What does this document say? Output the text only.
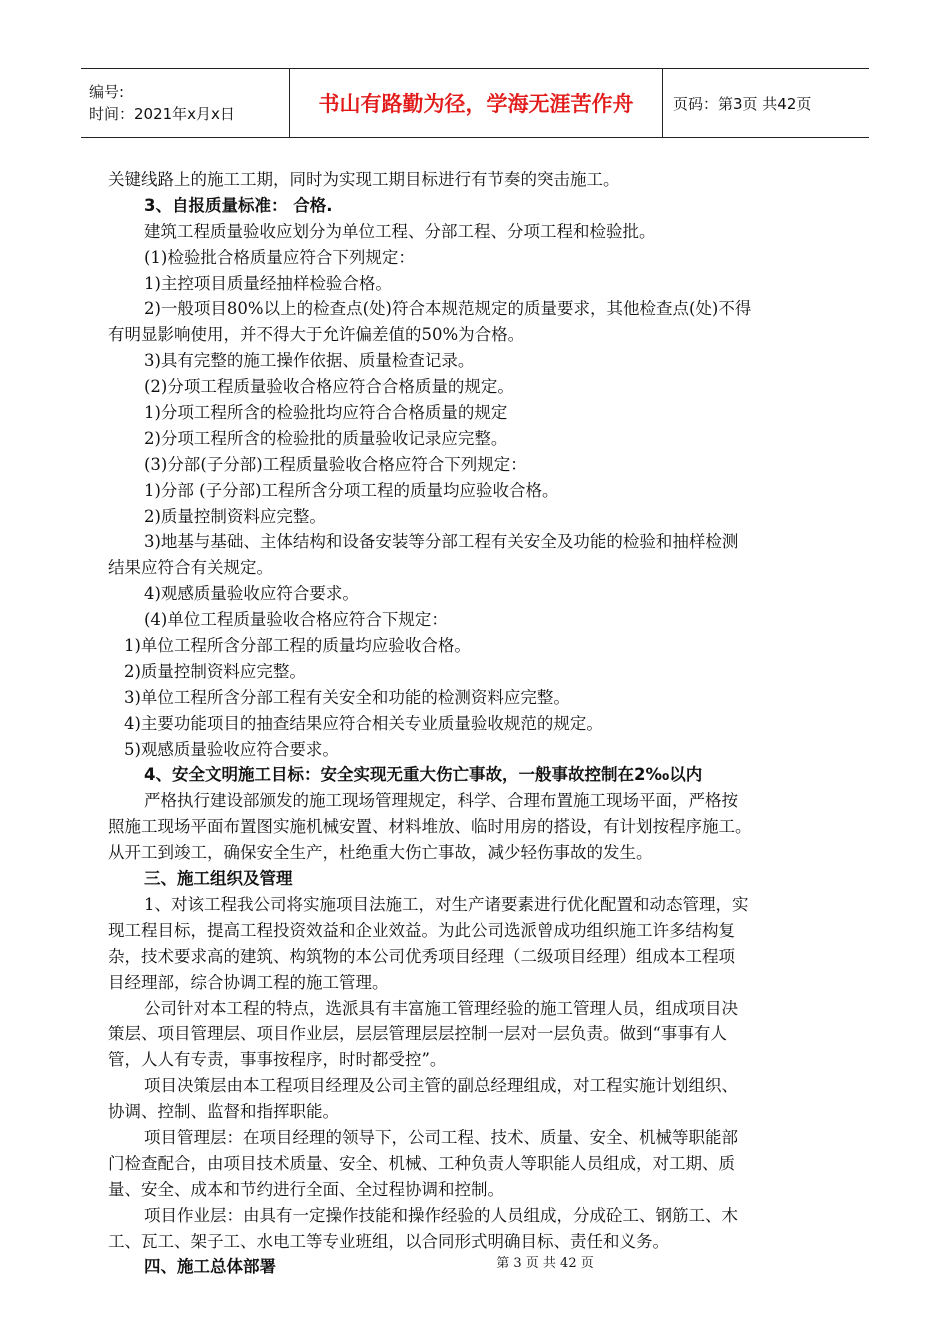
编号:
时间：2021年x月x日	书山有路勤为径，学海无涯苦作舟	页码：第3页 共42页
关键线路上的施工工期，同时为实现工期目标进行有节奏的突击施工。
3、自报质量标准： 合格.
建筑工程质量验收应划分为单位工程、分部工程、分项工程和检验批。
(1)检验批合格质量应符合下列规定：
1)主控项目质量经抽样检验合格。
2)一般项目80%以上的检查点(处)符合本规范规定的质量要求，其他检查点(处)不得
有明显影响使用，并不得大于允许偏差值的50%为合格。
3)具有完整的施工操作依据、质量检查记录。
(2)分项工程质量验收合格应符合合格质量的规定。
1)分项工程所含的检验批均应符合合格质量的规定
2)分项工程所含的检验批的质量验收记录应完整。
(3)分部(子分部)工程质量验收合格应符合下列规定：
1)分部 (子分部)工程所含分项工程的质量均应验收合格。
2)质量控制资料应完整。
3)地基与基础、主体结构和设备安装等分部工程有关安全及功能的检验和抽样检测
结果应符合有关规定。
4)观感质量验收应符合要求。
(4)单位工程质量验收合格应符合下规定：
1)单位工程所含分部工程的质量均应验收合格。
2)质量控制资料应完整。
3)单位工程所含分部工程有关安全和功能的检测资料应完整。
4)主要功能项目的抽查结果应符合相关专业质量验收规范的规定。
5)观感质量验收应符合要求。
4、安全文明施工目标：安全实现无重大伤亡事故，一般事故控制在2‰以内
严格执行建设部颁发的施工现场管理规定，科学、合理布置施工现场平面，严格按
照施工现场平面布置图实施机械安置、材料堆放、临时用房的搭设，有计划按程序施工。
从开工到竣工，确保安全生产，杜绝重大伤亡事故，减少轻伤事故的发生。
三、施工组织及管理
1、对该工程我公司将实施项目法施工，对生产诸要素进行优化配置和动态管理，实
现工程目标，提高工程投资效益和企业效益。为此公司选派曾成功组织施工许多结构复
杂，技术要求高的建筑、构筑物的本公司优秀项目经理（二级项目经理）组成本工程项
目经理部，综合协调工程的施工管理。
公司针对本工程的特点，选派具有丰富施工管理经验的施工管理人员，组成项目决
策层、项目管理层、项目作业层，层层管理层层控制一层对一层负责。做到“事事有人
管，人人有专责，事事按程序，时时都受控”。
项目决策层由本工程项目经理及公司主管的副总经理组成，对工程实施计划组织、
协调、控制、监督和指挥职能。
项目管理层：在项目经理的领导下，公司工程、技术、质量、安全、机械等职能部
门检查配合，由项目技术质量、安全、机械、工种负责人等职能人员组成，对工期、质
量、安全、成本和节约进行全面、全过程协调和控制。
项目作业层：由具有一定操作技能和操作经验的人员组成，分成砼工、钢筋工、木
工、瓦工、架子工、水电工等专业班组，以合同形式明确目标、责任和义务。
四、施工总体部署	第 3 页 共 42 页
